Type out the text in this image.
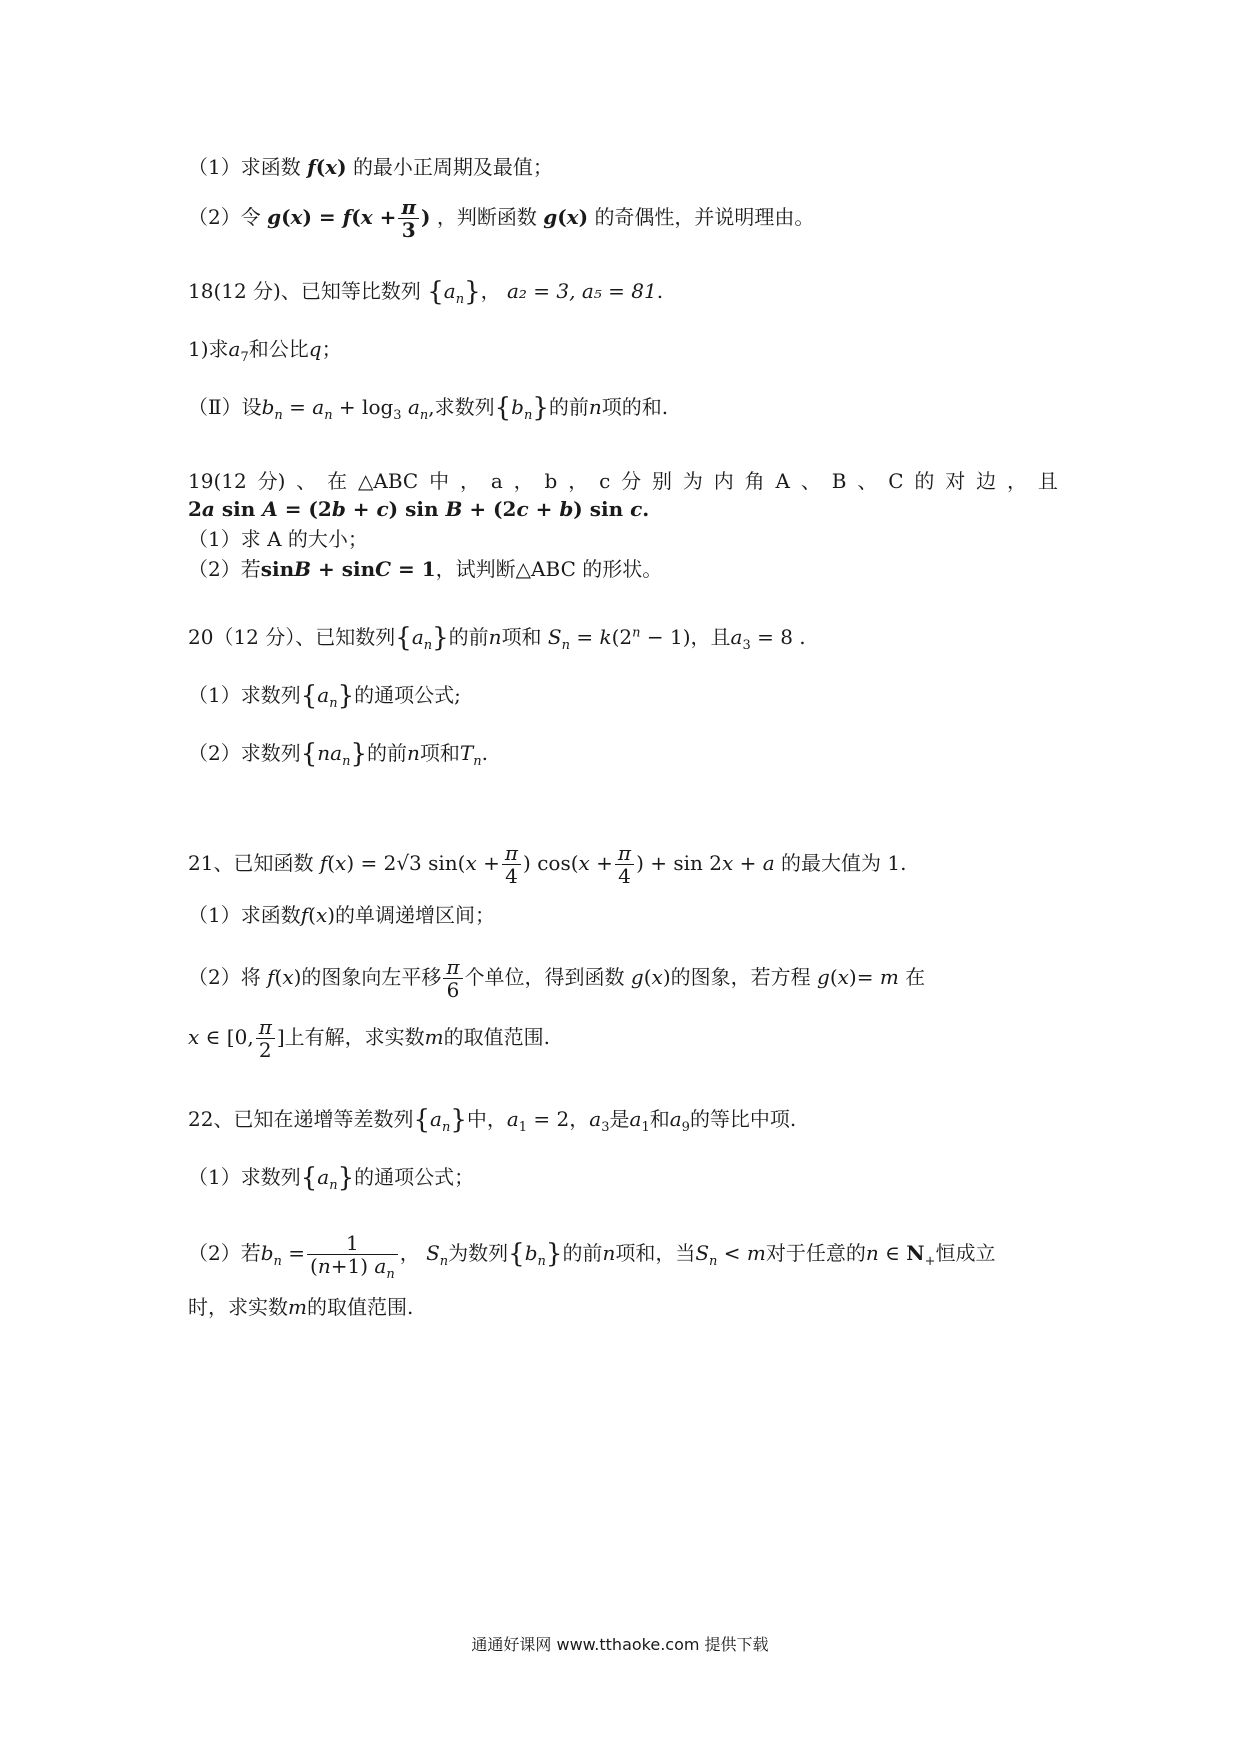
（1）求函数 f(x) 的最小正周期及最值；
（2）令 $g(x) = f(x + \frac{\pi}{3}$ ) ，判断函数 g(x) 的奇偶性，并说明理由。
18(12 分)、已知等比数列 $\{a_n\}$， a₂ = 3, a₅ = 81.
1)求$a_7$和公比q；
（Ⅱ）设$b_n = a_n + \log_3 a_n$,求数列$\{b_n\}$的前n项的和.
19(12 分) 、 在 △ABC 中 ， a ， b ， c 分 别 为 内 角 A 、 B 、 C 的 对 边 ， 且
2a sin A = (2b + c) sin B + (2c + b) sin c.
（1）求 A 的大小；
（2）若sinB + sinC = 1，试判断△ABC 的形状。
20（12 分）、已知数列$\{a_n\}$的前n项和 $S_n = k(2^n - 1)$，且$a_3 = 8$ .
（1）求数列$\{a_n\}$的通项公式;
（2）求数列$\{na_n\}$的前n项和$T_n$.
21、已知函数 f(x) = 2√3 $\sin(x + \frac{\pi}{4}$ ) $\cos(x + \frac{\pi}{4}$ ) + sin 2x + a 的最大值为 1.
（1）求函数f(x)的单调递增区间；
（2）将 f(x)的图象向左平移 $\frac{\pi}{6}$ 个单位，得到函数 g(x)的图象，若方程 g(x)= m 在
x ∈ [0, $\frac{\pi}{2}$ ]上有解，求实数m的取值范围.
22、已知在递增等差数列$\{a_n\}$中，$a_1 = 2$，$a_3$是$a_1$和$a_9$的等比中项.
（1）求数列$\{a_n\}$的通项公式；
（2）若$b_n = \frac{1}{(n+1) a_n}$ ， $S_n$为数列$\{b_n\}$的前n项和，当$S_n < m$对于任意的n ∈ $N_+$恒成立
时，求实数m的取值范围.
通通好课网 www.tthaoke.com 提供下载
